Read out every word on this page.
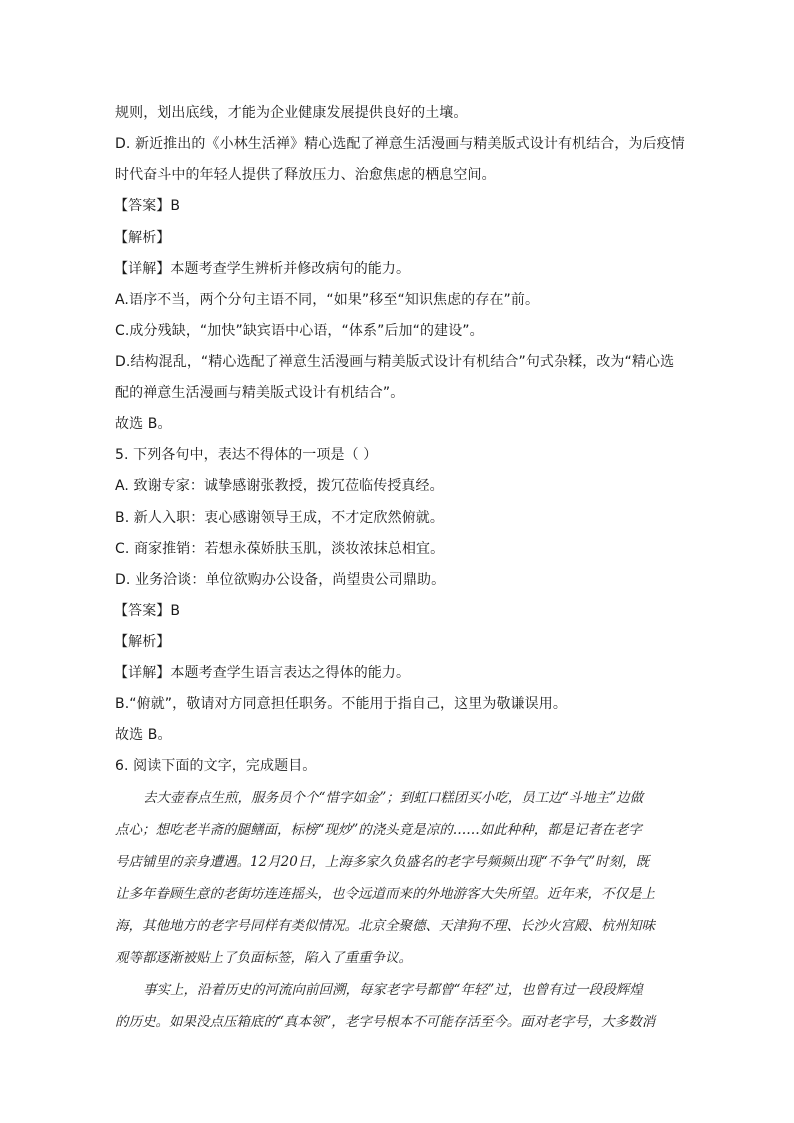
规则，划出底线，才能为企业健康发展提供良好的土壤。
D. 新近推出的《小林生活禅》精心选配了禅意生活漫画与精美版式设计有机结合，为后疫情
时代奋斗中的年轻人提供了释放压力、治愈焦虑的栖息空间。
【答案】B
【解析】
【详解】本题考查学生辨析并修改病句的能力。
A.语序不当，两个分句主语不同，“如果”移至“知识焦虑的存在”前。
C.成分残缺，“加快”缺宾语中心语，“体系”后加“的建设”。
D.结构混乱，“精心选配了禅意生活漫画与精美版式设计有机结合”句式杂糅，改为“精心选
配的禅意生活漫画与精美版式设计有机结合”。
故选 B。
5. 下列各句中，表达不得体的一项是（ ）
A. 致谢专家：诚挚感谢张教授，拨冗莅临传授真经。
B. 新人入职：衷心感谢领导王成，不才定欣然俯就。
C. 商家推销：若想永葆娇肤玉肌，淡妆浓抹总相宜。
D. 业务洽谈：单位欲购办公设备，尚望贵公司鼎助。
【答案】B
【解析】
【详解】本题考查学生语言表达之得体的能力。
B.“俯就”，敬请对方同意担任职务。不能用于指自己，这里为敬谦误用。
故选 B。
6. 阅读下面的文字，完成题目。
去大壶春点生煎，服务员个个“惜字如金”；到虹口糕团买小吃，员工边“斗地主”边做
点心；想吃老半斋的腿鳝面，标榜“现炒”的浇头竟是凉的……如此种种，都是记者在老字
号店铺里的亲身遭遇。12月20日，上海多家久负盛名的老字号频频出现“不争气”时刻，既
让多年眷顾生意的老街坊连连摇头，也令远道而来的外地游客大失所望。近年来，不仅是上
海，其他地方的老字号同样有类似情况。北京全聚德、天津狗不理、长沙火宫殿、杭州知味
观等都逐渐被贴上了负面标签，陷入了重重争议。
事实上，沿着历史的河流向前回溯，每家老字号都曾“年轻”过，也曾有过一段段辉煌
的历史。如果没点压箱底的“真本领”，老字号根本不可能存活至今。面对老字号，大多数消
